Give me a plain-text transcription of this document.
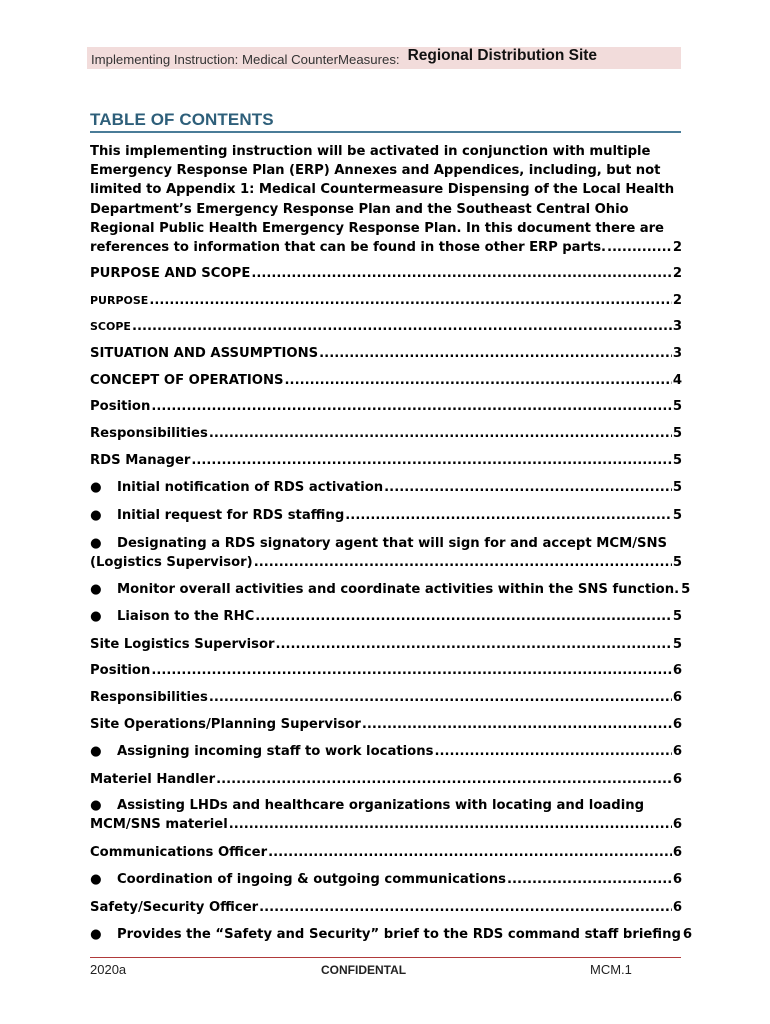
Implementing Instruction: Medical CounterMeasures: Regional Distribution Site
TABLE OF CONTENTS
This implementing instruction will be activated in conjunction with multiple
Emergency Response Plan (ERP) Annexes and Appendices, including, but not
limited to Appendix 1: Medical Countermeasure Dispensing of the Local Health
Department’s Emergency Response Plan and the Southeast Central Ohio
Regional Public Health Emergency Response Plan. In this document there are
references to information that can be found in those other ERP parts. .....	2
PURPOSE AND SCOPE .....	2
PURPOSE .....	2
SCOPE .....	3
SITUATION AND ASSUMPTIONS .....	3
CONCEPT OF OPERATIONS .....	4
Position .....	5
Responsibilities .....	5
RDS Manager .....	5
● Initial notification of RDS activation .....	5
● Initial request for RDS staffing .....	5
● Designating a RDS signatory agent that will sign for and accept MCM/SNS
(Logistics Supervisor) .....	5
● Monitor overall activities and coordinate activities within the SNS function. 5
● Liaison to the RHC .....	5
Site Logistics Supervisor .....	5
Position .....	6
Responsibilities .....	6
Site Operations/Planning Supervisor .....	6
● Assigning incoming staff to work locations .....	6
Materiel Handler .....	6
● Assisting LHDs and healthcare organizations with locating and loading
MCM/SNS materiel .....	6
Communications Officer .....	6
● Coordination of ingoing & outgoing communications .....	6
Safety/Security Officer .....	6
● Provides the “Safety and Security” brief to the RDS command staff briefing 6
2020a	CONFIDENTAL	MCM.1
